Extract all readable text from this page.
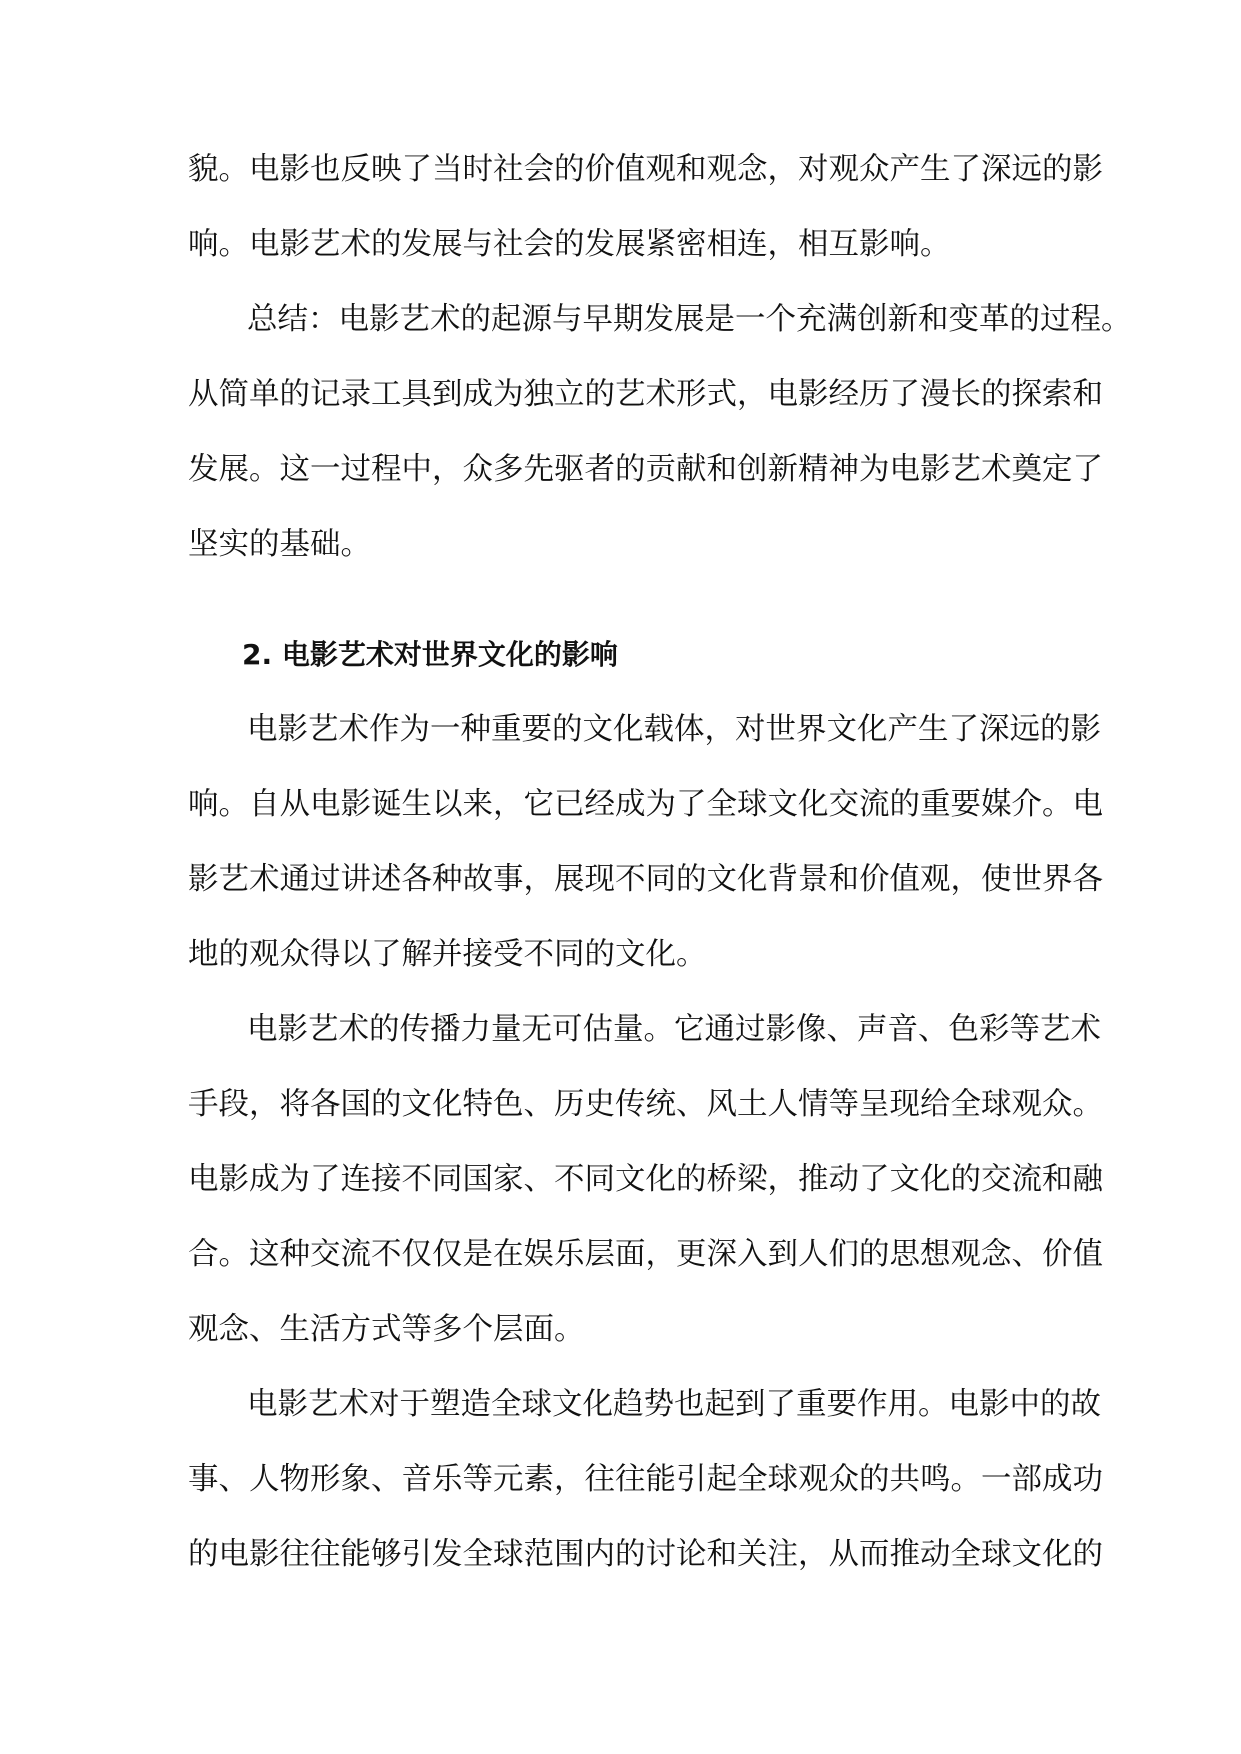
貌。电影也反映了当时社会的价值观和观念，对观众产生了深远的影
响。电影艺术的发展与社会的发展紧密相连，相互影响。
总结：电影艺术的起源与早期发展是一个充满创新和变革的过程。
从简单的记录工具到成为独立的艺术形式，电影经历了漫长的探索和
发展。这一过程中，众多先驱者的贡献和创新精神为电影艺术奠定了
坚实的基础。
2. 电影艺术对世界文化的影响
电影艺术作为一种重要的文化载体，对世界文化产生了深远的影
响。自从电影诞生以来，它已经成为了全球文化交流的重要媒介。电
影艺术通过讲述各种故事，展现不同的文化背景和价值观，使世界各
地的观众得以了解并接受不同的文化。
电影艺术的传播力量无可估量。它通过影像、声音、色彩等艺术
手段，将各国的文化特色、历史传统、风土人情等呈现给全球观众。
电影成为了连接不同国家、不同文化的桥梁，推动了文化的交流和融
合。这种交流不仅仅是在娱乐层面，更深入到人们的思想观念、价值
观念、生活方式等多个层面。
电影艺术对于塑造全球文化趋势也起到了重要作用。电影中的故
事、人物形象、音乐等元素，往往能引起全球观众的共鸣。一部成功
的电影往往能够引发全球范围内的讨论和关注，从而推动全球文化的
